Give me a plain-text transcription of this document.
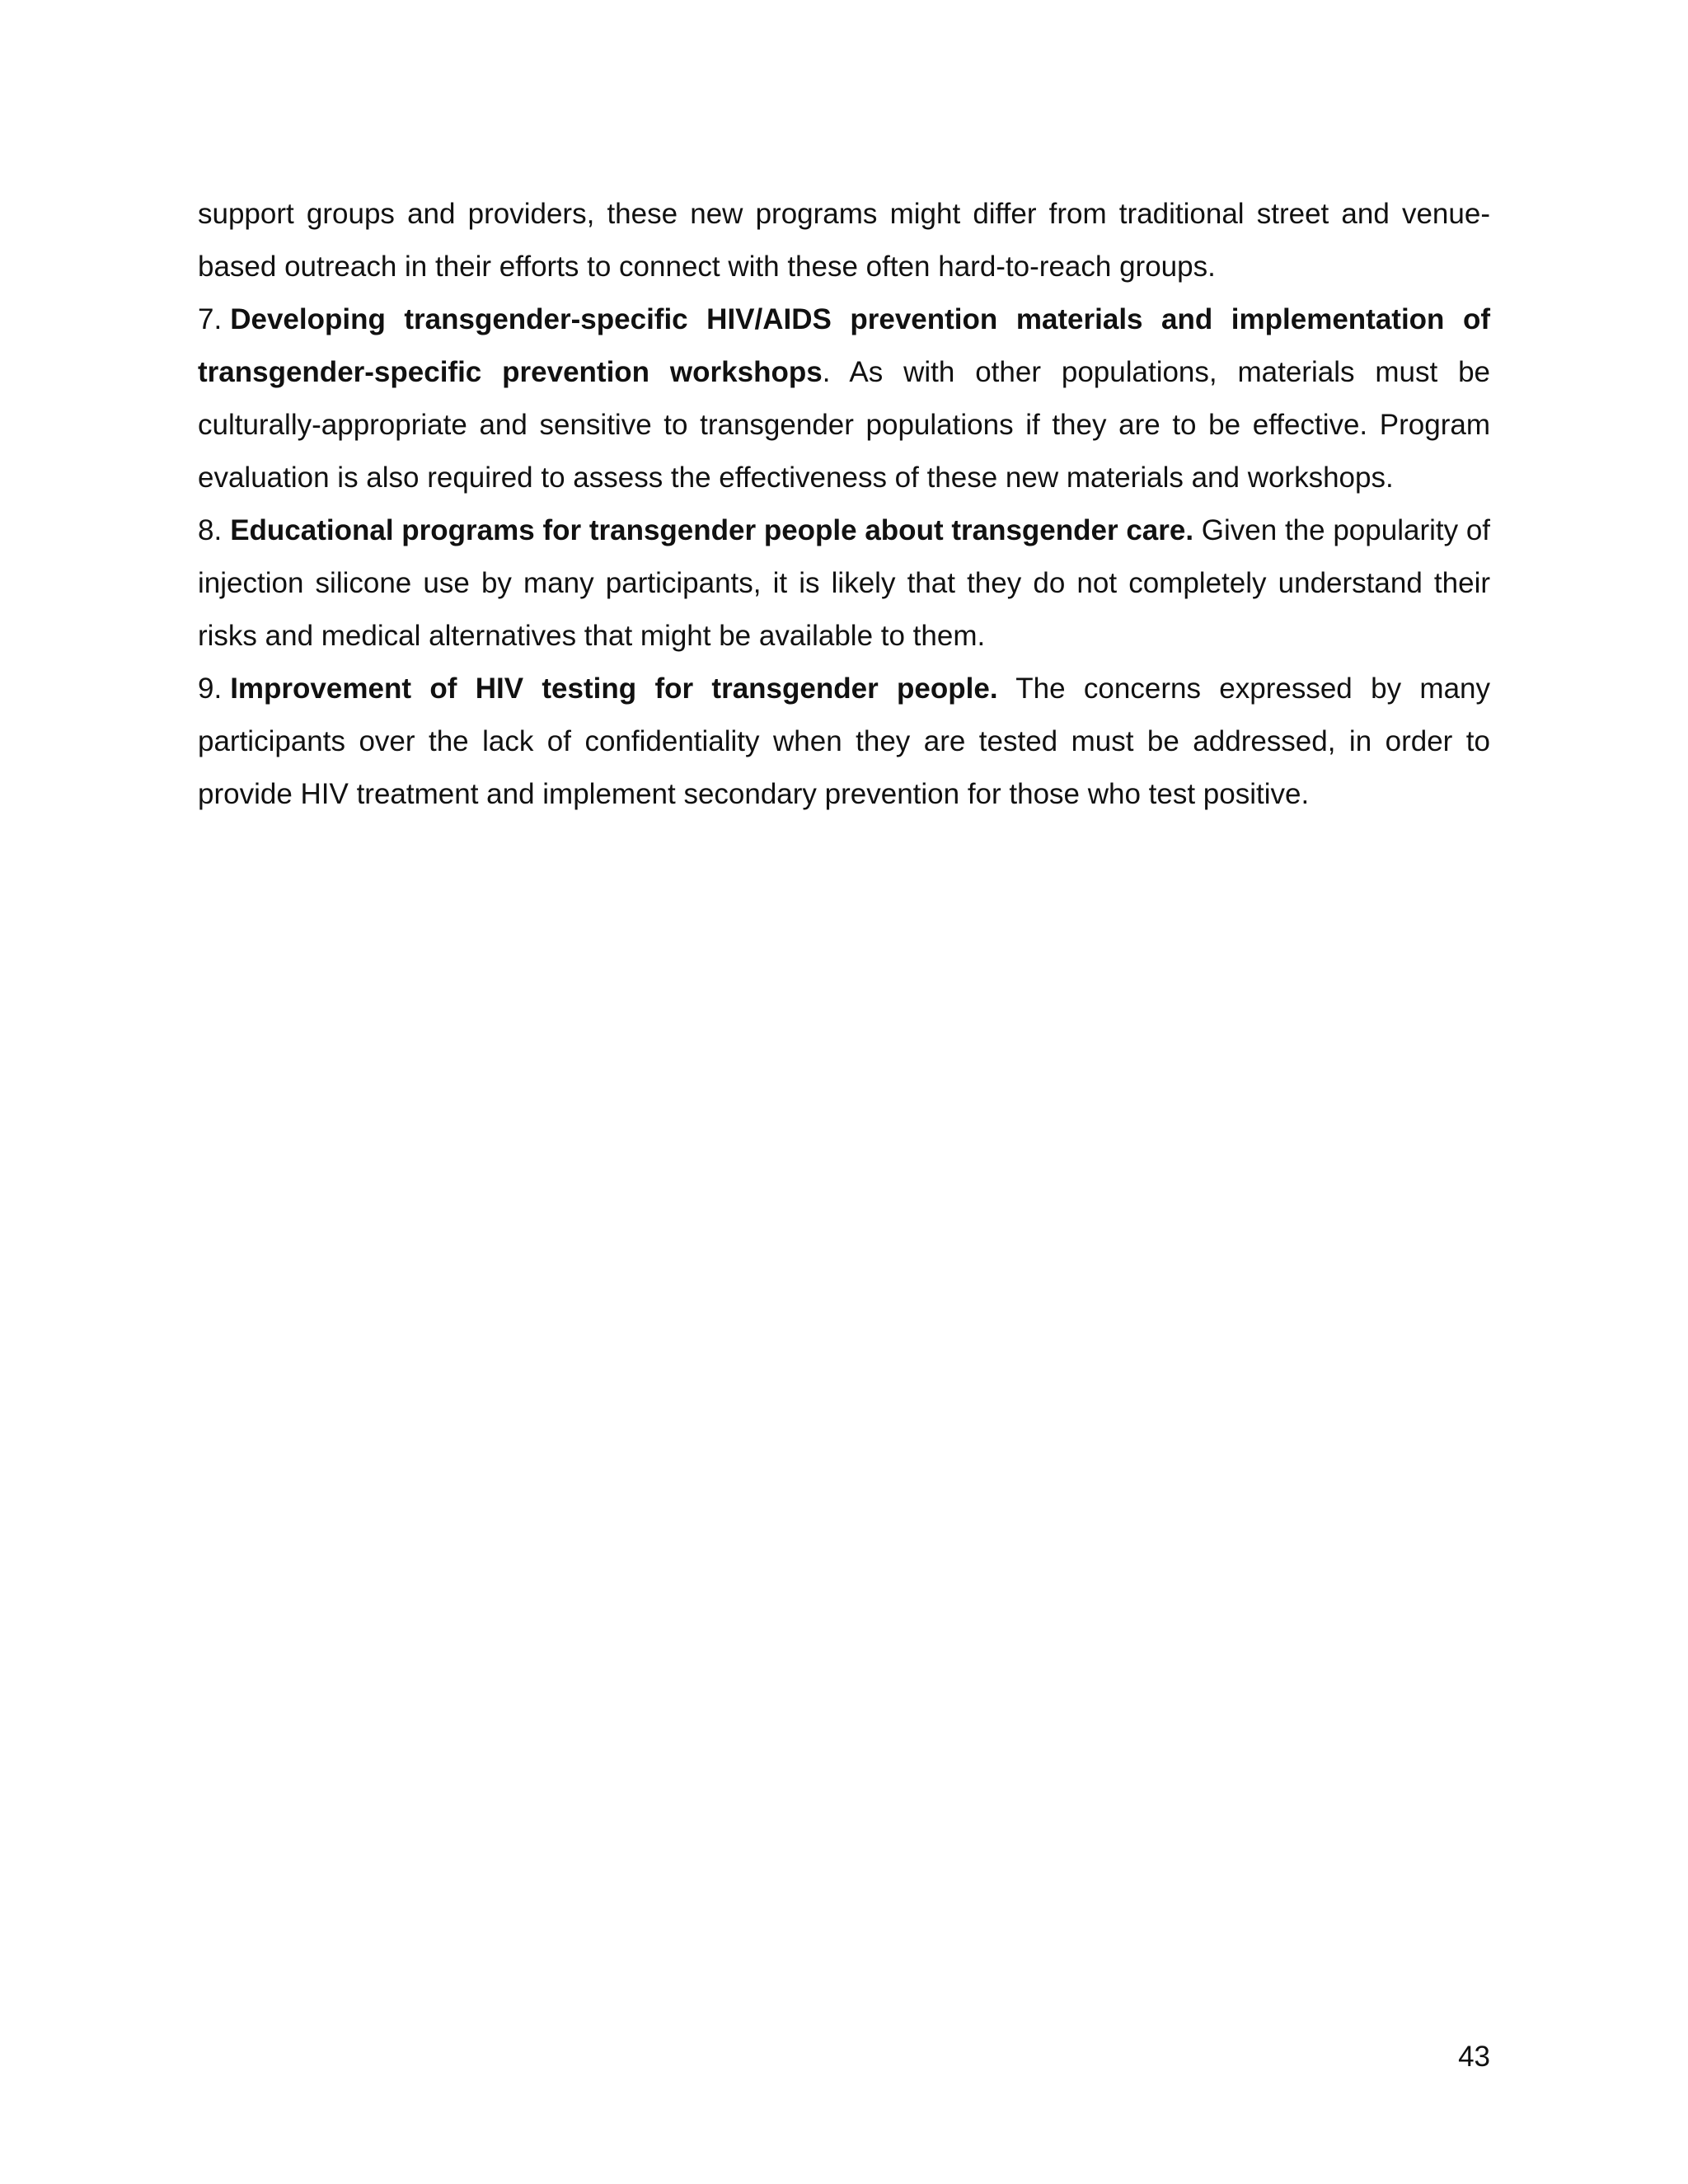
support groups and providers, these new programs might differ from traditional street and venue-based outreach in their efforts to connect with these often hard-to-reach groups.

7. Developing transgender-specific HIV/AIDS prevention materials and implementation of transgender-specific prevention workshops. As with other populations, materials must be culturally-appropriate and sensitive to transgender populations if they are to be effective. Program evaluation is also required to assess the effectiveness of these new materials and workshops.

8. Educational programs for transgender people about transgender care. Given the popularity of injection silicone use by many participants, it is likely that they do not completely understand their risks and medical alternatives that might be available to them.

9. Improvement of HIV testing for transgender people. The concerns expressed by many participants over the lack of confidentiality when they are tested must be addressed, in order to provide HIV treatment and implement secondary prevention for those who test positive.

43
